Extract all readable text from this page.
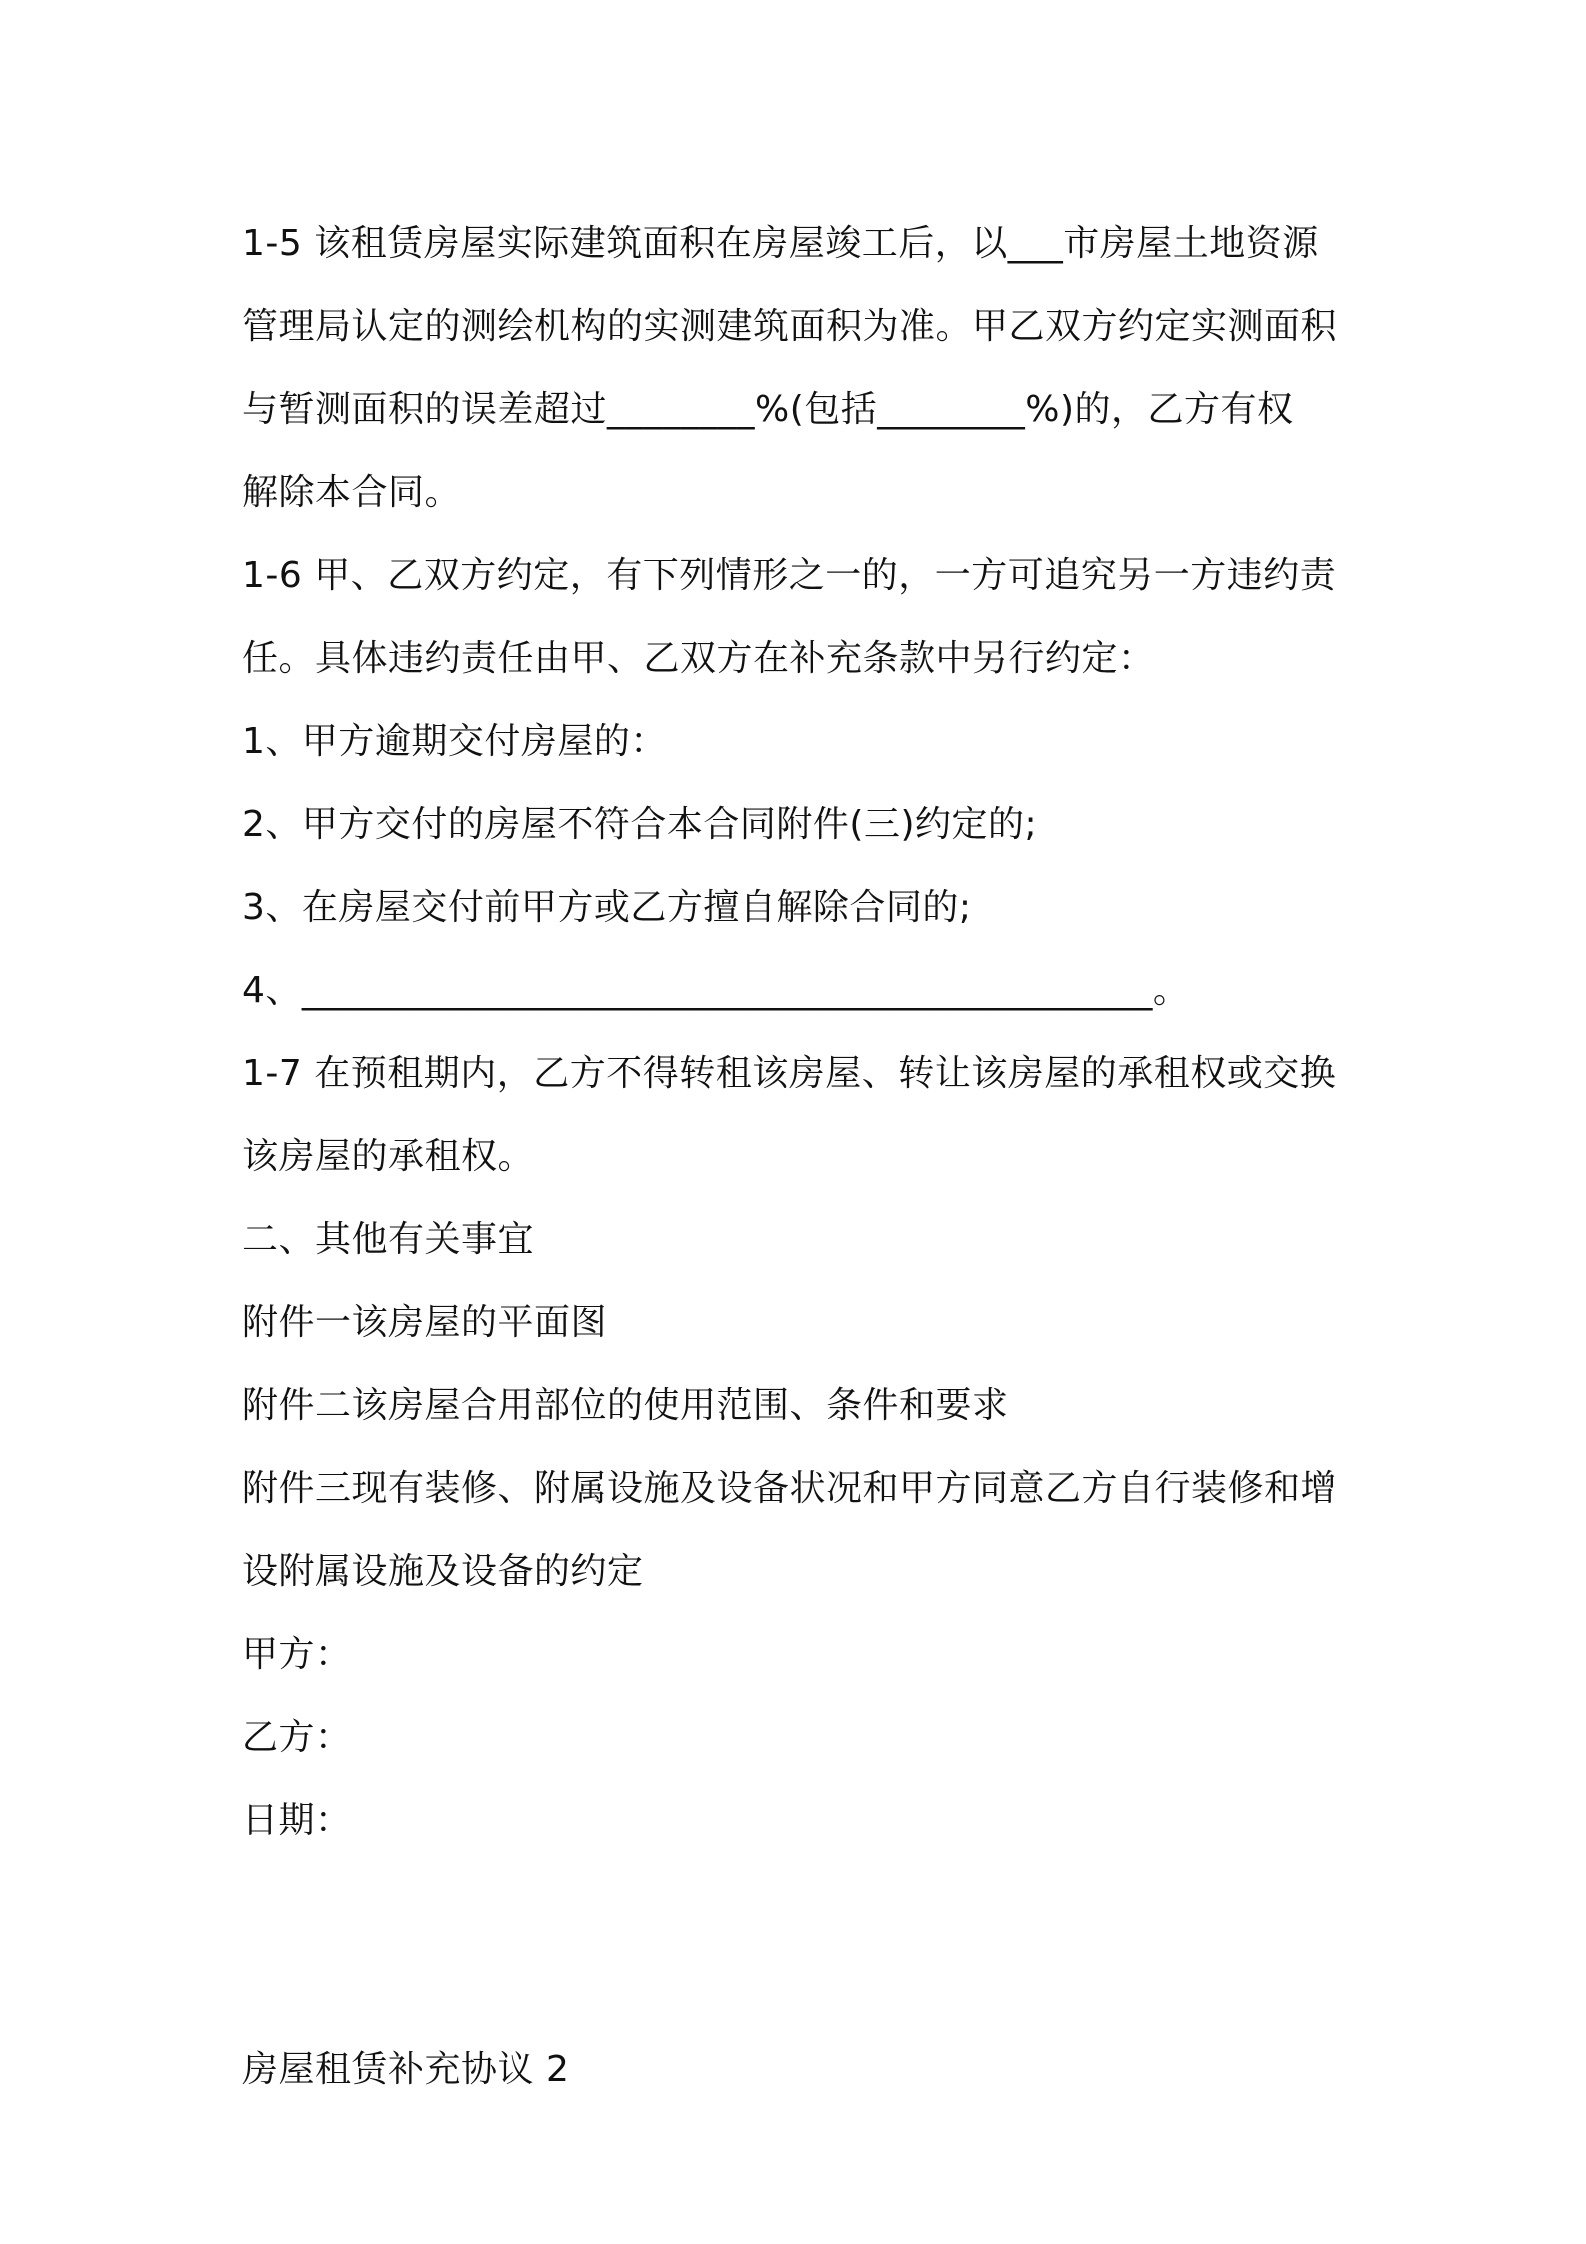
1-5 该租赁房屋实际建筑面积在房屋竣工后，以___市房屋土地资源
管理局认定的测绘机构的实测建筑面积为准。甲乙双方约定实测面积
与暂测面积的误差超过________%(包括________%)的，乙方有权
解除本合同。
1-6 甲、乙双方约定，有下列情形之一的，一方可追究另一方违约责
任。具体违约责任由甲、乙双方在补充条款中另行约定：
1、甲方逾期交付房屋的：
2、甲方交付的房屋不符合本合同附件(三)约定的;
3、在房屋交付前甲方或乙方擅自解除合同的;
4、______________________________________________。
1-7 在预租期内，乙方不得转租该房屋、转让该房屋的承租权或交换
该房屋的承租权。
二、其他有关事宜
附件一该房屋的平面图
附件二该房屋合用部位的使用范围、条件和要求
附件三现有装修、附属设施及设备状况和甲方同意乙方自行装修和增
设附属设施及设备的约定
甲方：
乙方：
日期：
房屋租赁补充协议 2
